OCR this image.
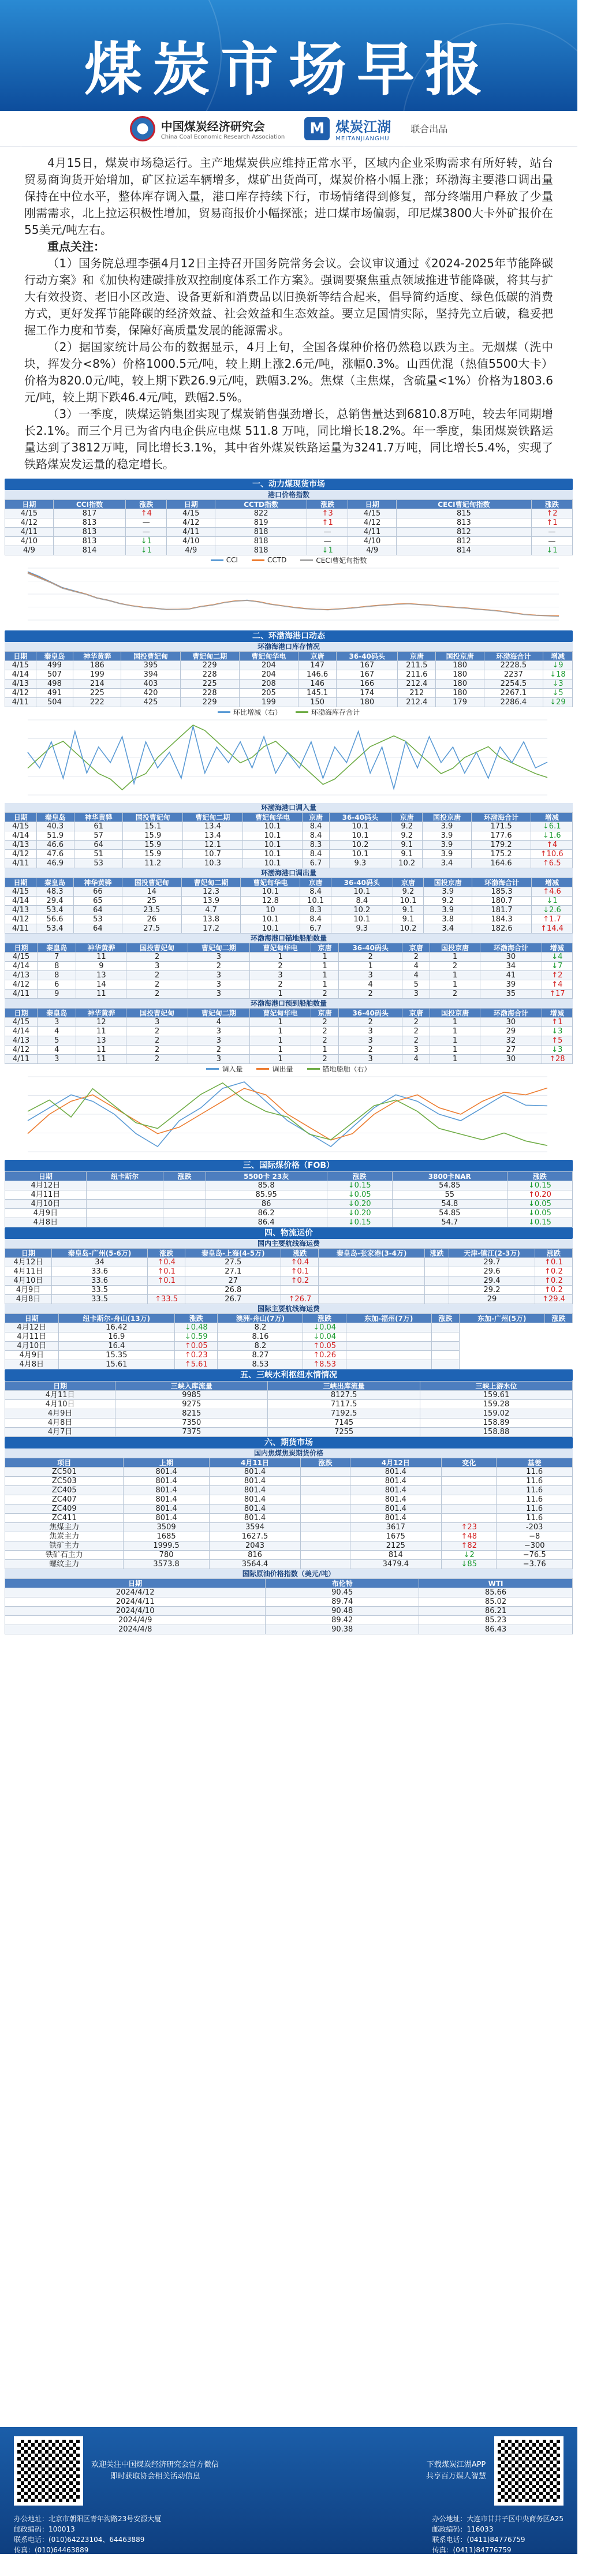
煤炭市场早报
中国煤炭经济研究会
China Coal Economic Research Association	M 煤炭江湖
MEITANJIANGHU

4月15日，煤炭市场稳运行。主产地煤炭供应维持正常水平，区域内企业采购需求有所好转，站台贸易商询货开始增加，矿区拉运车辆增多，煤矿出货尚可，煤炭价格小幅上涨；环渤海主要港口调出量保持在中位水平，整体库存调入量，港口库存持续下行，市场情绪得到修复，部分终端用户释放了少量刚需需求，北上拉运积极性增加，贸易商报价小幅探涨；进口煤市场偏弱，印尼煤3800大卡外矿报价在55美元/吨左右。

重点关注：

（1）国务院总理李强4月12日主持召开国务院常务会议。会议审议通过《2024-2025年节能降碳行动方案》和《加快构建碳排放双控制度体系工作方案》。强调要聚焦重点领域推进节能降碳，将其与扩大有效投资、老旧小区改造、设备更新和消费品以旧换新等结合起来，倡导简约适度、绿色低碳的消费方式，更好发挥节能降碳的经济效益、社会效益和生态效益。要立足国情实际，坚持先立后破，稳妥把握工作力度和节奏，保障好高质量发展的能源需求。

（2）据国家统计局公布的数据显示，4月上旬，全国各煤种价格仍然稳以跌为主。无烟煤（洗中块，挥发分<8%）价格1000.5元/吨，较上期上涨2.6元/吨，涨幅0.3%。山西优混（热值5500大卡）价格为820.0元/吨，较上期下跌26.9元/吨，跌幅3.2%。焦煤（主焦煤，含硫量<1%）价格为1803.6元/吨，较上期下跌46.4元/吨，跌幅2.5%。

（3）一季度，陕煤运销集团实现了煤炭销售强劲增长，总销售量达到6810.8万吨，较去年同期增长2.1%。而三个月已为省内电企供应电煤 511.8 万吨，同比增长18.2%。年一季度，集团煤炭铁路运量达到了3812万吨，同比增长3.1%，其中省外煤炭铁路运量为3241.7万吨，同比增长5.4%，实现了铁路煤炭发运量的稳定增长。

一、动力煤现货市场
港口价格指数
日期	CCI指数	涨跌	日期	CCTD指数	涨跌	日期	CECI曹妃甸指数	涨跌
4/15	817	↑4	4/15	822	↑3	4/15	815	↑2
4/12	813	—	4/12	819	↑1	4/12	813	↑1
4/11	813	—	4/11	818	—	4/11	812	—
4/10	813	↓1	4/10	818	—	4/10	812	—
4/9	814	↓1	4/9	818	↓1	4/9	814	↓1
CCI	CCTD	CECI曹妃甸指数
二、环渤海港口动态
环渤海港口库存情况
日期	秦皇岛	神华黄骅	国投曹妃甸	曹妃甸二期	曹妃甸华电	京唐	36-40码头	京唐	国投京唐	环渤海合计	增减
4/15	499	186	395	229	204	147	167	211.5	180	2228.5	↓9
4/14	507	199	394	228	204	146.6	167	211.6	180	2237	↓18
4/13	498	214	403	225	208	146	166	212.4	180	2254.5	↓3
4/12	491	225	420	228	205	145.1	174	212	180	2267.1	↓5
4/11	504	222	425	229	199	150	180	212.4	179	2286.4	↓29
环比增减（右）	环渤海库存合计
环渤海港口调入量
日期	秦皇岛	神华黄骅	国投曹妃甸	曹妃甸二期	曹妃甸华电	京唐	36-40码头	京唐	国投京唐	环渤海合计	增减
4/15	40.3	61	15.1	13.4	10.1	8.4	10.1	9.2	3.9	171.5	↓6.1
4/14	51.9	57	15.9	13.4	10.1	8.4	10.1	9.2	3.9	177.6	↓1.6
4/13	46.6	64	15.9	12.1	10.1	8.3	10.2	9.1	3.9	179.2	↑4
4/12	47.6	51	15.9	10.7	10.1	8.4	10.1	9.1	3.9	175.2	↑10.6
4/11	46.9	53	11.2	10.3	10.1	6.7	9.3	10.2	3.4	164.6	↑6.5
环渤海港口调出量
日期	秦皇岛	神华黄骅	国投曹妃甸	曹妃甸二期	曹妃甸华电	京唐	36-40码头	京唐	国投京唐	环渤海合计	增减
4/15	48.3	66	14	12.3	10.1	8.4	10.1	9.2	3.9	185.3	↑4.6
4/14	29.4	65	25	13.9	12.8	10.1	8.4	10.1	9.2	180.7	↓1
4/13	53.4	64	23.5	4.7	10	8.3	10.2	9.1	3.9	181.7	↓2.6
4/12	56.6	53	26	13.8	10.1	8.4	10.1	9.1	3.8	184.3	↑1.7
4/11	53.4	64	27.5	17.2	10.1	6.7	9.3	10.2	3.4	182.6	↑14.4
环渤海港口锚地船舶数量
日期	秦皇岛	神华黄骅	国投曹妃甸	曹妃甸二期	曹妃甸华电	京唐	36-40码头	京唐	国投京唐	环渤海合计	增减
4/15	7	11	2	3	1	1	2	2	1	30	↓4
4/14	8	9	3	2	2	1	1	4	2	34	↓7
4/13	8	13	2	3	3	1	3	4	1	41	↑2
4/12	6	14	2	3	2	1	4	5	1	39	↑4
4/11	9	11	2	3	1	2	2	3	2	35	↑17
环渤海港口预到船舶数量
日期	秦皇岛	神华黄骅	国投曹妃甸	曹妃甸二期	曹妃甸华电	京唐	36-40码头	京唐	国投京唐	环渤海合计	增减
4/15	3	12	3	4	1	2	2	2	1	30	↑1
4/14	4	11	2	3	1	2	3	2	1	29	↓3
4/13	5	13	2	3	1	2	3	2	1	32	↑5
4/12	4	11	2	2	1	1	2	3	1	27	↓3
4/11	3	11	2	3	1	2	3	4	1	30	↑28
调入量	调出量	锚地船舶（右）
三、国际煤价格（FOB）
日期	纽卡斯尔	涨跌	5500卡 23灰	涨跌	3800卡NAR	涨跌
4月12日			85.8	↓0.15	54.85	↓0.15
4月11日			85.95	↓0.05	55	↑0.20
4月10日			86	↓0.20	54.8	↓0.05
4月9日			86.2	↓0.20	54.85	↓0.05
4月8日			86.4	↓0.15	54.7	↓0.15
四、物流运价
国内主要航线海运费
日期	秦皇岛-广州(5-6万)	涨跌	秦皇岛-上海(4-5万)	涨跌	秦皇岛-张家港(3-4万)	涨跌	天津-镇江(2-3万)	涨跌
4月12日	34	↑0.4	27.5	↑0.4			29.7	↑0.1
4月11日	33.6	↑0.1	27.1	↑0.1			29.6	↑0.2
4月10日	33.6	↑0.1	27	↑0.2			29.4	↑0.2
4月9日	33.5		26.8				29.2	↑0.2
4月8日	33.5	↑33.5	26.7	↑26.7			29	↑29.4
国际主要航线海运费
日期	纽卡斯尔-舟山(13万)	涨跌	澳洲-舟山(7万)	涨跌	东加-福州(7万)	涨跌	东加-广州(5万)	涨跌
4月12日	16.42	↓0.48	8.2	↓0.04				
4月11日	16.9	↓0.59	8.16	↓0.04				
4月10日	16.4	↑0.05	8.2	↑0.05				
4月9日	15.35	↑0.23	8.27	↑0.26				
4月8日	15.61	↑5.61	8.53	↑8.53				
五、三峡水利枢纽水情情况
日期	三峡入库流量	三峡出库流量	三峡上游水位
4月11日	9985	8127.5	159.61
4月10日	9275	7117.5	159.28
4月9日	8215	7192.5	159.02
4月8日	7350	7145	158.89
4月7日	7375	7255	158.88
六、期货市场
国内焦煤焦炭期货价格
项目	上期	4月11日	涨跌	4月12日	变化	基差
ZC501	801.4	801.4		801.4		11.6
ZC503	801.4	801.4		801.4		11.6
ZC405	801.4	801.4		801.4		11.6
ZC407	801.4	801.4		801.4		11.6
ZC409	801.4	801.4		801.4		11.6
ZC411	801.4	801.4		801.4		11.6
焦煤主力	3509	3594		3617	↑23	-203
焦炭主力	1685	1627.5		1675	↑48	−8
铁矿主力	1999.5	2043		2125	↑82	−300
铁矿石主力	780	816		814	↓2	−76.5
螺纹主力	3573.8	3564.4		3479.4	↓85	−3.76
国际原油价格指数（美元/吨）
日期	布伦特	WTI
2024/4/12	90.45	85.66
2024/4/11	89.74	85.02
2024/4/10	90.48	86.21
2024/4/9	89.42	85.23
2024/4/8	90.38	86.43
欢迎关注中国煤炭经济研究会官方微信
即时获取协会相关活动信息
下载煤炭江湖APP
共享百万煤人智慧
办公地址：北京市朝阳区青年沟路23号安源大厦
邮政编码：100013
联系电话：(010)64223104、64463889
传真：(010)64463889
电子邮箱：mjh@ccera.com.cn
网址：www.ccera.com.cn
办公地址：大连市甘井子区中央商务区A25
邮政编码：116033
联系电话：(0411)84776759
传真：(0411)84776759
电子邮箱：mjh@meitanjianghu.com
网址：www.meitanjianghu.com
